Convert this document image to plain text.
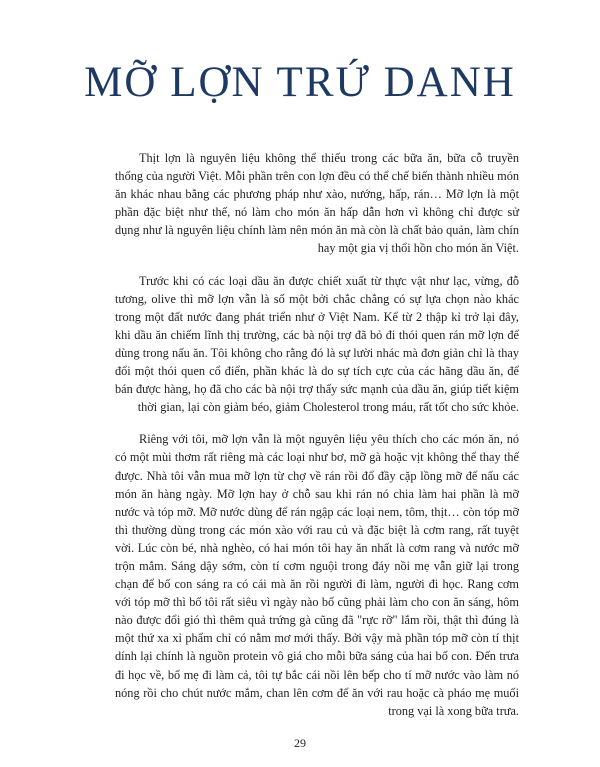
MỠ LỢN TRỨ DANH

Thịt lợn là nguyên liệu không thể thiếu trong các bữa ăn, bữa cỗ truyền thống của người Việt. Mỗi phần trên con lợn đều có thể chế biến thành nhiều món ăn khác nhau bằng các phương pháp như xào, nướng, hấp, rán… Mỡ lợn là một phần đặc biệt như thế, nó làm cho món ăn hấp dẫn hơn vì không chỉ được sử dụng như là nguyên liệu chính làm nên món ăn mà còn là chất bảo quản, làm chín hay một gia vị thổi hồn cho món ăn Việt.

Trước khi có các loại dầu ăn được chiết xuất từ thực vật như lạc, vừng, đỗ tương, olive thì mỡ lợn vẫn là số một bởi chắc chẳng có sự lựa chọn nào khác trong một đất nước đang phát triển như ở Việt Nam. Kể từ 2 thập kỉ trở lại đây, khi dầu ăn chiếm lĩnh thị trường, các bà nội trợ đã bỏ đi thói quen rán mỡ lợn để dùng trong nấu ăn. Tôi không cho rằng đó là sự lười nhác mà đơn giản chỉ là thay đổi một thói quen cổ điển, phần khác là do sự tích cực của các hãng dầu ăn, để bán được hàng, họ đã cho các bà nội trợ thấy sức mạnh của dầu ăn, giúp tiết kiệm thời gian, lại còn giảm béo, giảm Cholesterol trong máu, rất tốt cho sức khỏe.

Riêng với tôi, mỡ lợn vẫn là một nguyên liệu yêu thích cho các món ăn, nó có một mùi thơm rất riêng mà các loại như bơ, mỡ gà hoặc vịt không thể thay thế được. Nhà tôi vẫn mua mỡ lợn từ chợ về rán rồi đổ đầy cặp lồng mỡ để nấu các món ăn hàng ngày. Mỡ lợn hay ở chỗ sau khi rán nó chia làm hai phần là mỡ nước và tóp mỡ. Mỡ nước dùng để rán ngập các loại nem, tôm, thịt… còn tóp mỡ thì thường dùng trong các món xào với rau củ và đặc biệt là cơm rang, rất tuyệt vời. Lúc còn bé, nhà nghèo, có hai món tôi hay ăn nhất là cơm rang và nước mỡ trộn mắm. Sáng dậy sớm, còn tí cơm nguội trong đáy nồi mẹ vẫn giữ lại trong chạn để bố con sáng ra có cái mà ăn rồi người đi làm, người đi học. Rang cơm với tóp mỡ thì bố tôi rất siêu vì ngày nào bố cũng phải làm cho con ăn sáng, hôm nào được đổi gió thì thêm quả trứng gà cũng đã "rực rỡ" lắm rồi, thật thì đúng là một thứ xa xỉ phẩm chỉ có nằm mơ mới thấy. Bởi vậy mà phần tóp mỡ còn tí thịt dính lại chính là nguồn protein vô giá cho mỗi bữa sáng của hai bố con. Đến trưa đi học về, bố mẹ đi làm cả, tôi tự bắc cái nồi lên bếp cho tí mỡ nước vào làm nó nóng rồi cho chút nước mắm, chan lên cơm để ăn với rau hoặc cà pháo mẹ muối trong vại là xong bữa trưa.

29
